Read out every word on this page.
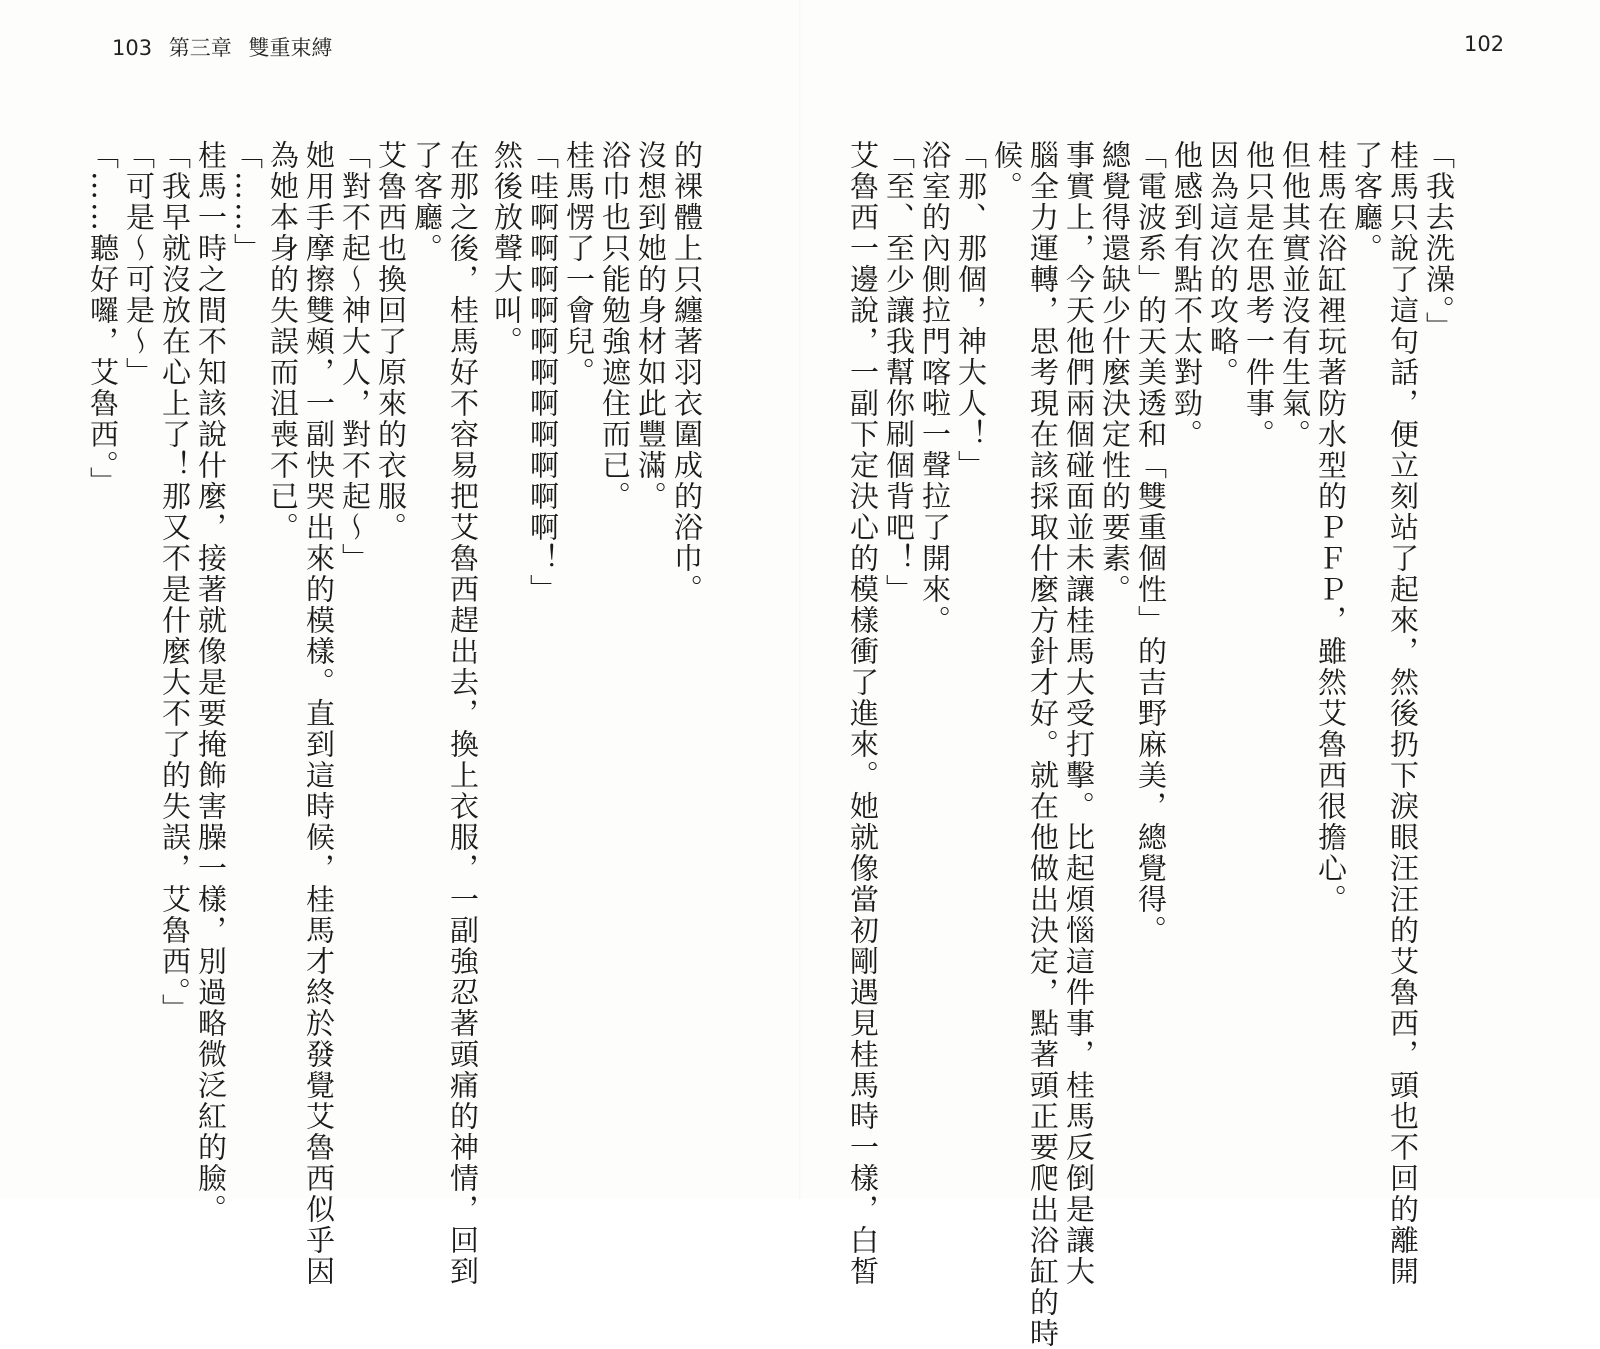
103 第三章 雙重束縛	102
「我去洗澡。」
桂馬只說了這句話，便立刻站了起來，然後扔下淚眼汪汪的艾魯西，頭也不回的離開
了客廳。
桂馬在浴缸裡玩著防水型的ＰＦＰ，雖然艾魯西很擔心。
但他其實並沒有生氣。
他只是在思考一件事。
因為這次的攻略。
他感到有點不太對勁。
「電波系」的天美透和「雙重個性」的吉野麻美，總覺得。
總覺得還缺少什麼決定性的要素。
事實上，今天他們兩個碰面並未讓桂馬大受打擊。比起煩惱這件事，桂馬反倒是讓大
腦全力運轉，思考現在該採取什麼方針才好。就在他做出決定，點著頭正要爬出浴缸的時
候。
「那、那個，神大人！」
浴室的內側拉門喀啦一聲拉了開來。
「至、至少讓我幫你刷個背吧！」
艾魯西一邊說，一副下定決心的模樣衝了進來。她就像當初剛遇見桂馬時一樣，白皙
的裸體上只纏著羽衣圍成的浴巾。
沒想到她的身材如此豐滿。
浴巾也只能勉強遮住而已。
桂馬愣了一會兒。
「哇啊啊啊啊啊啊啊啊啊啊啊！」
然後放聲大叫。
在那之後，桂馬好不容易把艾魯西趕出去，換上衣服，一副強忍著頭痛的神情，回到
了客廳。
艾魯西也換回了原來的衣服。
「對不起～神大人，對不起～」
她用手摩擦雙頰，一副快哭出來的模樣。直到這時候，桂馬才終於發覺艾魯西似乎因
為她本身的失誤而沮喪不已。
「……」
桂馬一時之間不知該說什麼，接著就像是要掩飾害臊一樣，別過略微泛紅的臉。
「我早就沒放在心上了！那又不是什麼大不了的失誤，艾魯西。」
「可是～可是～」
「……聽好囉，艾魯西。」
